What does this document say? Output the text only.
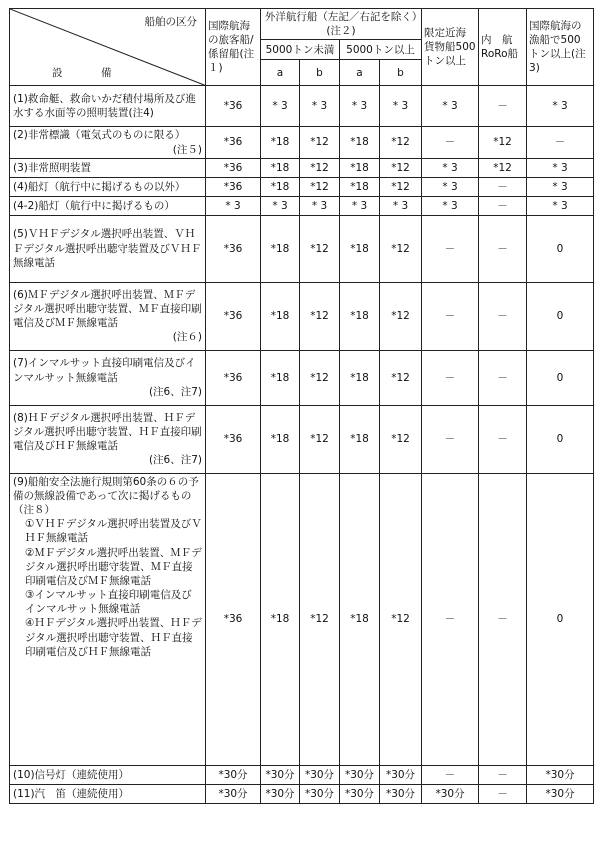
船舶の区分
設　備	国際航海の旅客船/係留船(注１)	外洋航行船（左記／右記を除く）(注２)				限定近海貨物船500トン以上	内　航RoRo船	国際航海の漁船で500トン以上(注3)
		5000トン未満		5000トン以上				
		a	b	a	b			
(1)救命艇、救命いかだ積付場所及び進水する水面等の照明装置(注4)	*36	* 3	* 3	* 3	* 3	* 3	－	* 3
(2)非常標識（電気式のものに限る）
(注５)	*36	*18	*12	*18	*12	－	*12	－
(3)非常照明装置	*36	*18	*12	*18	*12	* 3	*12	* 3
(4)船灯（航行中に掲げるもの以外）	*36	*18	*12	*18	*12	* 3	－	* 3
(4-2)船灯（航行中に掲げるもの）	* 3	* 3	* 3	* 3	* 3	* 3	－	* 3
(5)ＶＨＦデジタル選択呼出装置、ＶＨＦデジタル選択呼出聴守装置及びＶＨＦ無線電話	*36	*18	*12	*18	*12	－	－	0
(6)ＭＦデジタル選択呼出装置、ＭＦデジタル選択呼出聴守装置、ＭＦ直接印刷電信及びＭＦ無線電話
(注６)	*36	*18	*12	*18	*12	－	－	0
(7)インマルサット直接印刷電信及びインマルサット無線電話
(注6、注7)	*36	*18	*12	*18	*12	－	－	0
(8)ＨＦデジタル選択呼出装置、ＨＦデジタル選択呼出聴守装置、ＨＦ直接印刷電信及びＨＦ無線電話
(注6、注7)	*36	*18	*12	*18	*12	－	－	0
(9)船舶安全法施行規則第60条の６の予備の無線設備であって次に掲げるもの（注８）
①ＶＨＦデジタル選択呼出装置及びＶＨＦ無線電話
②ＭＦデジタル選択呼出装置、ＭＦデジタル選択呼出聴守装置、ＭＦ直接印刷電信及びＭＦ無線電話
③インマルサット直接印刷電信及びインマルサット無線電話
④ＨＦデジタル選択呼出装置、ＨＦデジタル選択呼出聴守装置、ＨＦ直接印刷電信及びＨＦ無線電話	*36	*18	*12	*18	*12	－	－	0
(10)信号灯（連続使用）	*30分	*30分	*30分	*30分	*30分	－	－	*30分
(11)汽　笛（連続使用）	*30分	*30分	*30分	*30分	*30分	*30分	－	*30分
